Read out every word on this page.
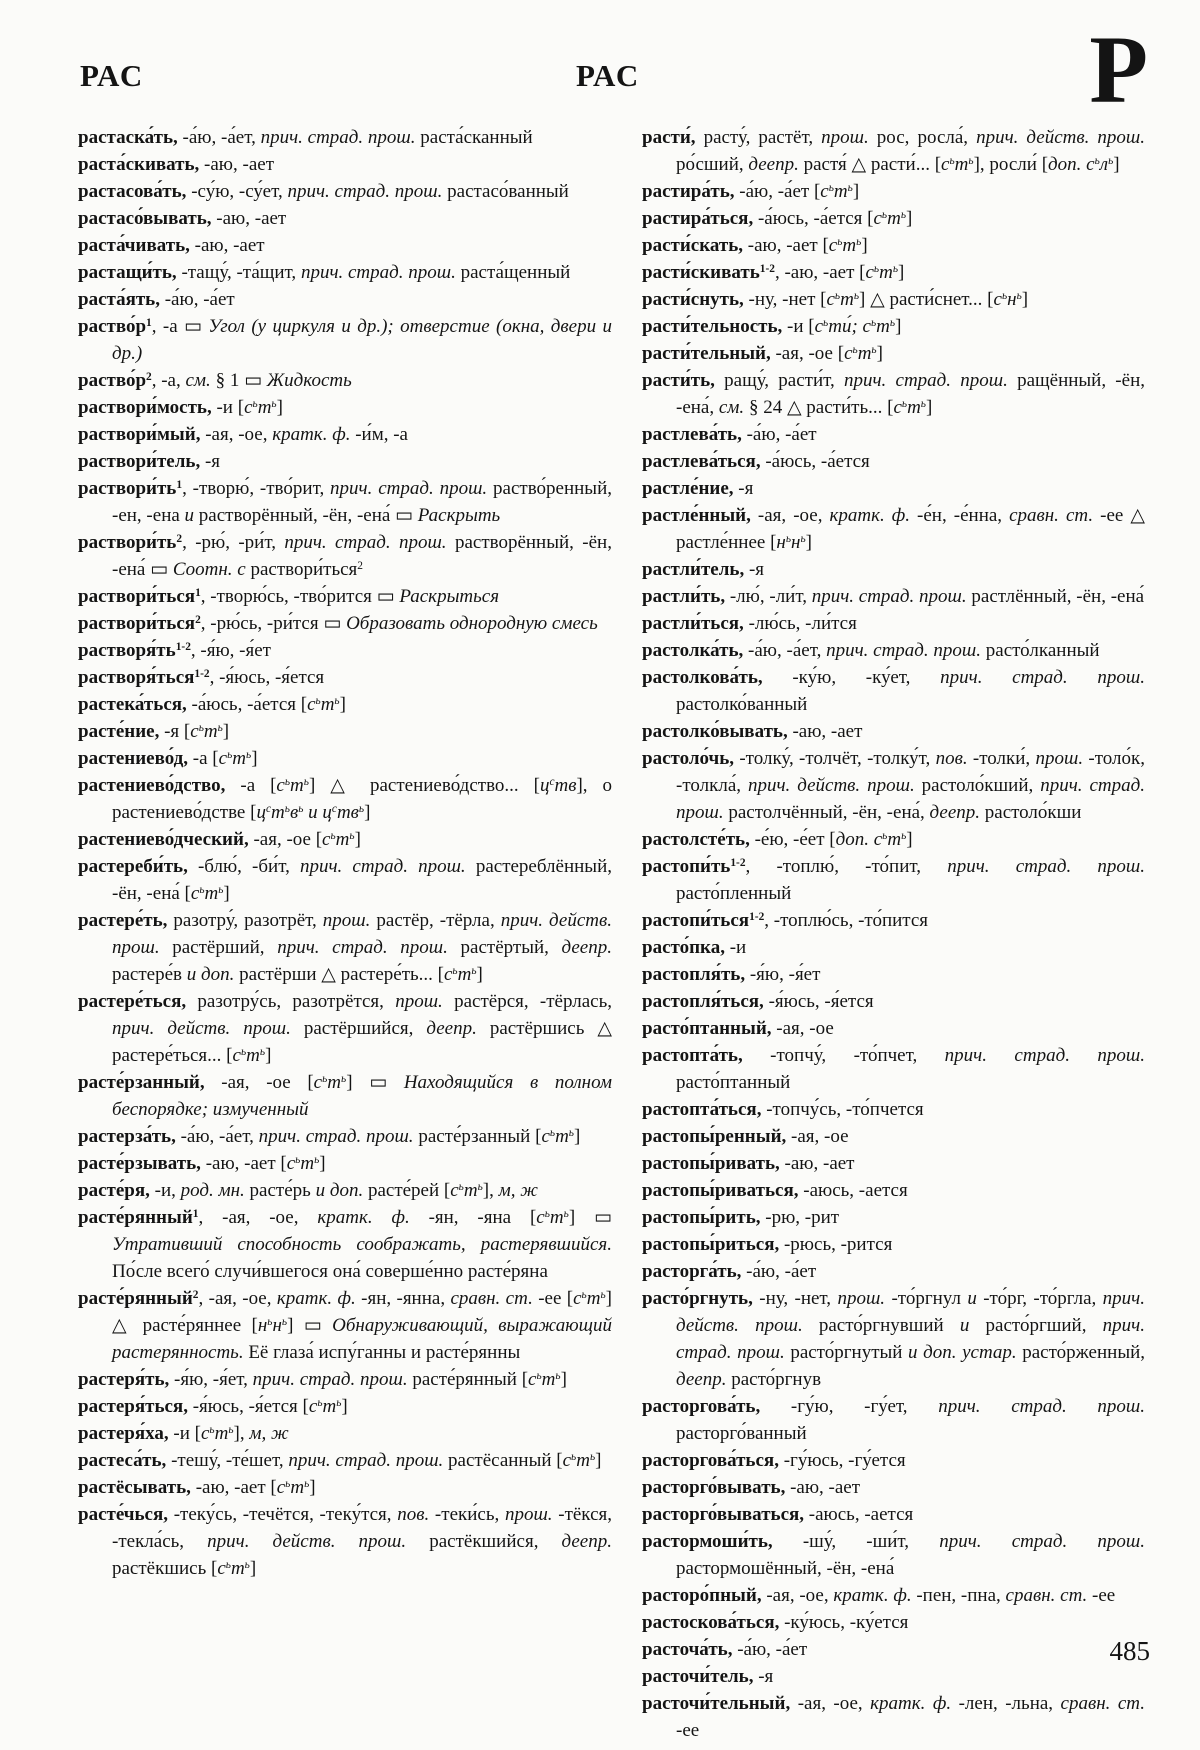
РАС	РАС	Р
растаска́ть, -а́ю, -а́ет, прич. страд. прош. раста́сканный
раста́скивать, -аю, -ает
растасова́ть, -су́ю, -су́ет, прич. страд. прош. растасо́ванный
растасо́вывать, -аю, -ает
раста́чивать, -аю, -ает
растащи́ть, -тащу́, -та́щит, прич. страд. прош. раста́щенный
раста́ять, -а́ю, -а́ет
раство́р1, -а ▭ Угол (у циркуля и др.); отверстие (окна, двери и др.)
раство́р2, -а, см. § 1 ▭ Жидкость
раствори́мость, -и [сьть]
раствори́мый, -ая, -ое, кратк. ф. -и́м, -а
раствори́тель, -я
раствори́ть1, -творю́, -тво́рит, прич. страд. прош. раство́ренный, -ен, -ена и растворённый, -ён, -ена́ ▭ Раскрыть
раствори́ть2, -рю́, -ри́т, прич. страд. прош. растворённый, -ён, -ена́ ▭ Соотн. с раствори́ться2
раствори́ться1, -творю́сь, -тво́рится ▭ Раскрыться
раствори́ться2, -рю́сь, -ри́тся ▭ Образовать однородную смесь
растворя́ть1-2, -я́ю, -я́ет
растворя́ться1-2, -я́юсь, -я́ется
растека́ться, -а́юсь, -а́ется [сьть]
расте́ние, -я [сьть]
растениево́д, -а [сьть]
растениево́дство, -а [сьть] △ растениево́дство... [цств], о растениево́дстве [цстьвь и цствь]
растениево́дческий, -ая, -ое [сьть]
растереби́ть, -блю́, -би́т, прич. страд. прош. растереблённый, -ён, -ена́ [сьть]
растере́ть, разотру́, разотрёт, прош. растёр, -тёрла, прич. действ. прош. растёрший, прич. страд. прош. растёртый, деепр. растере́в и доп. растёрши △ растере́ть... [сьть]
растере́ться, разотру́сь, разотрётся, прош. растёрся, -тёрлась, прич. действ. прош. растёршийся, деепр. растёршись △ растере́ться... [сьть]
расте́рзанный, -ая, -ое [сьть] ▭ Находящийся в полном беспорядке; измученный
растерза́ть, -а́ю, -а́ет, прич. страд. прош. расте́рзанный [сьть]
расте́рзывать, -аю, -ает [сьть]
расте́ря, -и, род. мн. расте́рь и доп. расте́рей [сьть], м, ж
расте́рянный1, -ая, -ое, кратк. ф. -ян, -яна [сьть] ▭ Утративший способность соображать, растерявшийся. По́сле всего́ случи́вшегося она́ соверше́нно расте́ряна
расте́рянный2, -ая, -ое, кратк. ф. -ян, -янна, сравн. ст. -ее [сьть] △ расте́ряннее [ньнь] ▭ Обнаруживающий, выражающий растерянность. Её глаза́ испу́ганны и расте́рянны
растеря́ть, -я́ю, -я́ет, прич. страд. прош. расте́рянный [сьть]
растеря́ться, -я́юсь, -я́ется [сьть]
растеря́ха, -и [сьть], м, ж
растеса́ть, -тешу́, -те́шет, прич. страд. прош. растёсанный [сьть]
растёсывать, -аю, -ает [сьть]
расте́чься, -теку́сь, -течётся, -теку́тся, пов. -теки́сь, прош. -тёкся, -текла́сь, прич. действ. прош. растёкшийся, деепр. растёкшись [сьть]
расти́, расту́, растёт, прош. рос, росла́, прич. действ. прош. ро́сший, деепр. растя́ △ расти́... [сьть], росли́ [доп. сьль]
растира́ть, -а́ю, -а́ет [сьть]
растира́ться, -а́юсь, -а́ется [сьть]
расти́скать, -аю, -ает [сьть]
расти́скивать1-2, -аю, -ает [сьть]
расти́снуть, -ну, -нет [сьть] △ расти́снет... [сьнь]
расти́тельность, -и [сьти́; сьть]
расти́тельный, -ая, -ое [сьть]
расти́ть, ращу́, расти́т, прич. страд. прош. ращённый, -ён, -ена́, см. § 24 △ расти́ть... [сьть]
растлева́ть, -а́ю, -а́ет
растлева́ться, -а́юсь, -а́ется
растле́ние, -я
растле́нный, -ая, -ое, кратк. ф. -е́н, -е́нна, сравн. ст. -ее △ растле́ннее [ньнь]
растли́тель, -я
растли́ть, -лю́, -ли́т, прич. страд. прош. растлённый, -ён, -ена́
растли́ться, -лю́сь, -ли́тся
растолка́ть, -а́ю, -а́ет, прич. страд. прош. расто́лканный
растолкова́ть, -ку́ю, -ку́ет, прич. страд. прош. растолко́ванный
растолко́вывать, -аю, -ает
растоло́чь, -толку́, -толчёт, -толку́т, пов. -толки́, прош. -толо́к, -толкла́, прич. действ. прош. растоло́кший, прич. страд. прош. растолчённый, -ён, -ена́, деепр. растоло́кши
растолсте́ть, -е́ю, -е́ет [доп. сьть]
растопи́ть1-2, -топлю́, -то́пит, прич. страд. прош. расто́пленный
растопи́ться1-2, -топлю́сь, -то́пится
расто́пка, -и
растопля́ть, -я́ю, -я́ет
растопля́ться, -я́юсь, -я́ется
расто́птанный, -ая, -ое
растопта́ть, -топчу́, -то́пчет, прич. страд. прош. расто́птанный
растопта́ться, -топчу́сь, -то́пчется
растопы́ренный, -ая, -ое
растопы́ривать, -аю, -ает
растопы́риваться, -аюсь, -ается
растопы́рить, -рю, -рит
растопы́риться, -рюсь, -рится
расторга́ть, -а́ю, -а́ет
расто́ргнуть, -ну, -нет, прош. -то́ргнул и -то́рг, -то́ргла, прич. действ. прош. расто́ргнувший и расто́ргший, прич. страд. прош. расто́ргнутый и доп. устар. расто́рженный, деепр. расто́ргнув
расторгова́ть, -гу́ю, -гу́ет, прич. страд. прош. расторго́ванный
расторгова́ться, -гу́юсь, -гу́ется
расторго́вывать, -аю, -ает
расторго́вываться, -аюсь, -ается
растормоши́ть, -шу́, -ши́т, прич. страд. прош. растормошённый, -ён, -ена́
расторо́пный, -ая, -ое, кратк. ф. -пен, -пна, сравн. ст. -ее
растоскова́ться, -ку́юсь, -ку́ется
расточа́ть, -а́ю, -а́ет
расточи́тель, -я
расточи́тельный, -ая, -ое, кратк. ф. -лен, -льна, сравн. ст. -ее
485
